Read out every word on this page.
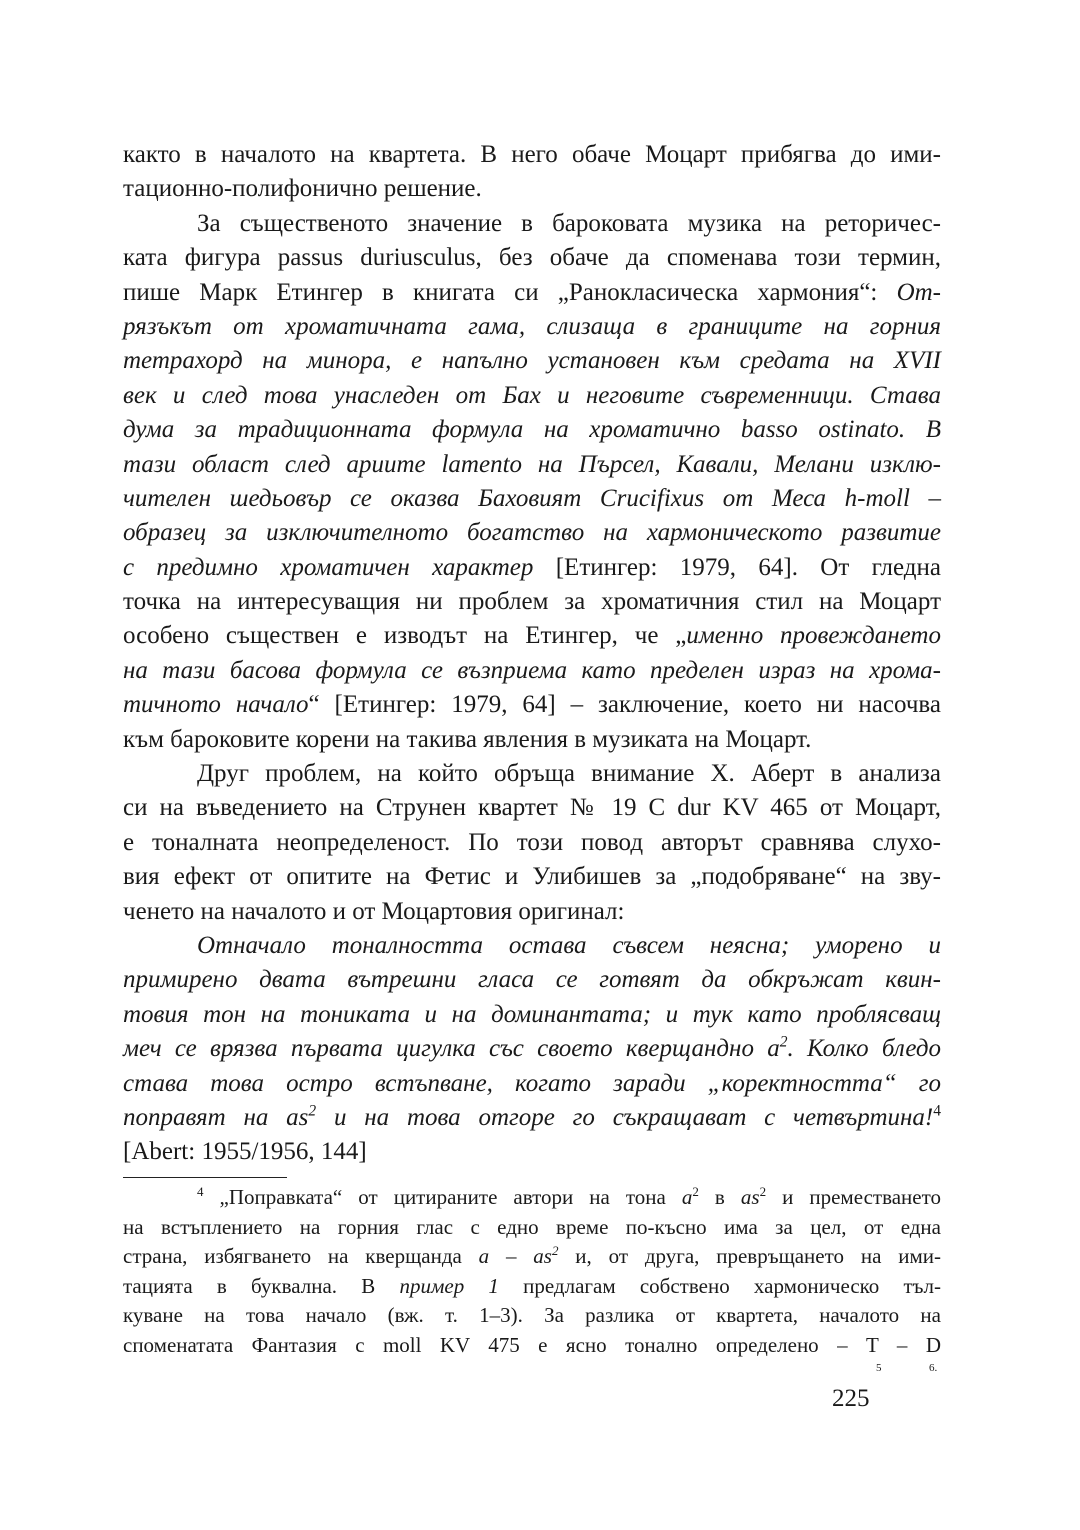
както в началото на квартета. В него обаче Моцарт прибягва до ими-
тационно-полифонично решение.
За същественото значение в бароковата музика на реторичес-
ката фигура passus duriusculus, без обаче да споменава този термин,
пише Марк Етингер в книгата си „Ранокласическа хармония“: От-
рязъкът от хроматичната гама, слизаща в границите на горния
тетрахорд на минора, е напълно установен към средата на XVII
век и след това унаследен от Бах и неговите съвременници. Става
дума за традиционната формула на хроматично basso ostinato. В
тази област след ариите lamento на Пърсел, Кавали, Мелани изклю-
чителен шедьовър се оказва Баховият Crucifixus от Меса h-moll –
образец за изключителното богатство на хармоническото развитие
с предимно хроматичен характер [Етингер: 1979, 64]. От гледна
точка на интересуващия ни проблем за хроматичния стил на Моцарт
особено съществен е изводът на Етингер, че „именно провеждането
на тази басова формула се възприема като пределен израз на хрома-
тичното начало“ [Етингер: 1979, 64] – заключение, което ни насочва
към бароковите корени на такива явления в музиката на Моцарт.
Друг проблем, на който обръща внимание Х. Аберт в анализа
си на въведението на Струнен квартет № 19 C dur KV 465 от Моцарт,
е тоналната неопределеност. По този повод авторът сравнява слухо-
вия ефект от опитите на Фетис и Улибишев за „подобряване“ на зву-
ченето на началото и от Моцартовия оригинал:
Отначало тоналността остава съвсем неясна; уморено и
примирено двата вътрешни гласа се готвят да обкръжат квин-
товия тон на тониката и на доминантата; и тук като проблясващ
меч се врязва първата цигулка със своето кверщандно $a^2$. Колко бледо
става това остро встъпване, когато заради „коректността“ го
поправят на $as^2$ и на това отгоре го съкращават с четвъртина!$^4$
[Abert: 1955/1956, 144]
$^4$ „Поправката“ от цитираните автори на тона $a^2$ в $as^2$ и преместването
на встъплението на горния глас с едно време по-късно има за цел, от една
страна, избягването на кверщанда a – $as^2$ и, от друга, превръщането на ими-
тацията в буквална. В пример 1 предлагам собствено хармоническо тъл-
куване на това начало (вж. т. 1–3). За разлика от квартета, началото на
споменатата Фантазия c moll KV 475 е ясно тонално определено – T – D
5	6.
225
